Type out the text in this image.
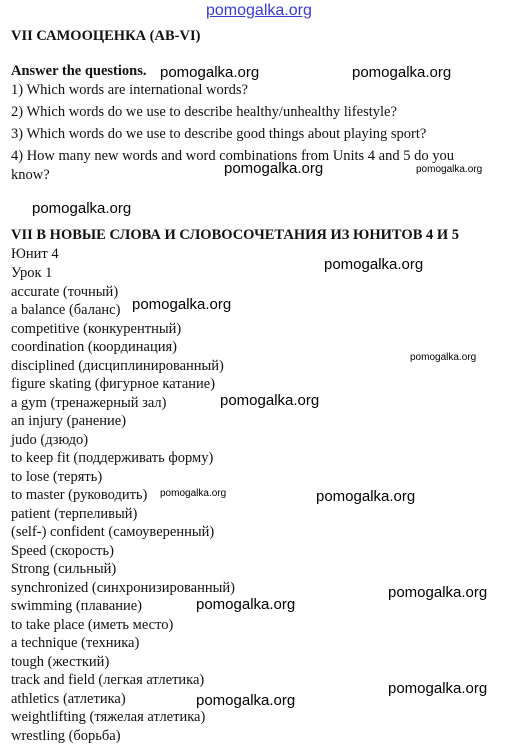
pomogalka.org
VII САМООЦЕНКА (AB-VI)
Answer the questions.
1) Which words are international words?
2) Which words do we use to describe healthy/unhealthy lifestyle?
3) Which words do we use to describe good things about playing sport?
4) How many new words and word combinations from Units 4 and 5 do you
know?
VII В НОВЫЕ СЛОВА И СЛОВОСОЧЕТАНИЯ ИЗ ЮНИТОВ 4 И 5
Юнит 4
Урок 1
accurate (точный)
a balance (баланс)
competitive (конкурентный)
coordination (координация)
disciplined (дисциплинированный)
figure skating (фигурное катание)
a gym (тренажерный зал)
an injury (ранение)
judo (дзюдо)
to keep fit (поддерживать форму)
to lose (терять)
to master (руководить)
patient (терпеливый)
(self-) confident (самоуверенный)
Speed (скорость)
Strong (сильный)
synchronized (синхронизированный)
swimming (плавание)
to take place (иметь место)
a technique (техника)
tough (жесткий)
track and field (легкая атлетика)
athletics (атлетика)
weightlifting (тяжелая атлетика)
wrestling (борьба)
pomogalka.org	pomogalka.org
pomogalka.org	pomogalka.org
pomogalka.org
pomogalka.org
pomogalka.org
pomogalka.org
pomogalka.org
pomogalka.org	pomogalka.org
pomogalka.org
pomogalka.org
pomogalka.org
pomogalka.org
